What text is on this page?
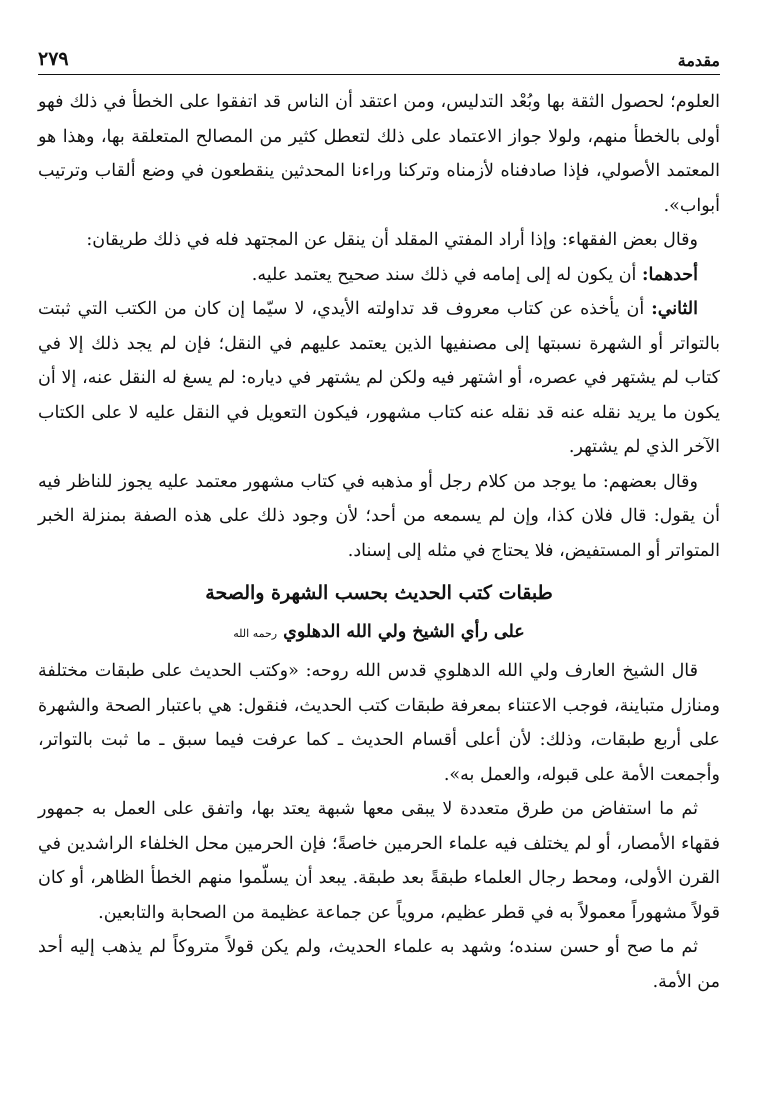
مقدمة
٢٧٩

العلوم؛ لحصول الثقة بها وبُعْد التدليس، ومن اعتقد أن الناس قد اتفقوا على الخطأ في ذلك فهو أولى بالخطأ منهم، ولولا جواز الاعتماد على ذلك لتعطل كثير من المصالح المتعلقة بها، وهذا هو المعتمد الأصولي، فإذا صادفناه لأزمناه وتركنا وراءنا المحدثين ينقطعون في وضع ألقاب وترتيب أبواب».

وقال بعض الفقهاء: وإذا أراد المفتي المقلد أن ينقل عن المجتهد فله في ذلك طريقان:

أحدهما: أن يكون له إلى إمامه في ذلك سند صحيح يعتمد عليه.

الثاني: أن يأخذه عن كتاب معروف قد تداولته الأيدي، لا سيّما إن كان من الكتب التي ثبتت بالتواتر أو الشهرة نسبتها إلى مصنفيها الذين يعتمد عليهم في النقل؛ فإن لم يجد ذلك إلا في كتاب لم يشتهر في عصره، أو اشتهر فيه ولكن لم يشتهر في دياره: لم يسغ له النقل عنه، إلا أن يكون ما يريد نقله عنه قد نقله عنه كتاب مشهور، فيكون التعويل في النقل عليه لا على الكتاب الآخر الذي لم يشتهر.

وقال بعضهم: ما يوجد من كلام رجل أو مذهبه في كتاب مشهور معتمد عليه يجوز للناظر فيه أن يقول: قال فلان كذا، وإن لم يسمعه من أحد؛ لأن وجود ذلك على هذه الصفة بمنزلة الخبر المتواتر أو المستفيض، فلا يحتاج في مثله إلى إسناد.

طبقات كتب الحديث بحسب الشهرة والصحة
على رأي الشيخ ولي الله الدهلوي رحمه الله

قال الشيخ العارف ولي الله الدهلوي قدس الله روحه: «وكتب الحديث على طبقات مختلفة ومنازل متباينة، فوجب الاعتناء بمعرفة طبقات كتب الحديث، فنقول: هي باعتبار الصحة والشهرة على أربع طبقات، وذلك: لأن أعلى أقسام الحديث ـ كما عرفت فيما سبق ـ ما ثبت بالتواتر، وأجمعت الأمة على قبوله، والعمل به».

ثم ما استفاض من طرق متعددة لا يبقى معها شبهة يعتد بها، واتفق على العمل به جمهور فقهاء الأمصار، أو لم يختلف فيه علماء الحرمين خاصةً؛ فإن الحرمين محل الخلفاء الراشدين في القرن الأولى، ومحط رجال العلماء طبقةً بعد طبقة. يبعد أن يسلّموا منهم الخطأ الظاهر، أو كان قولاً مشهوراً معمولاً به في قطر عظيم، مروياً عن جماعة عظيمة من الصحابة والتابعين.

ثم ما صح أو حسن سنده؛ وشهد به علماء الحديث، ولم يكن قولاً متروكاً لم يذهب إليه أحد من الأمة.
